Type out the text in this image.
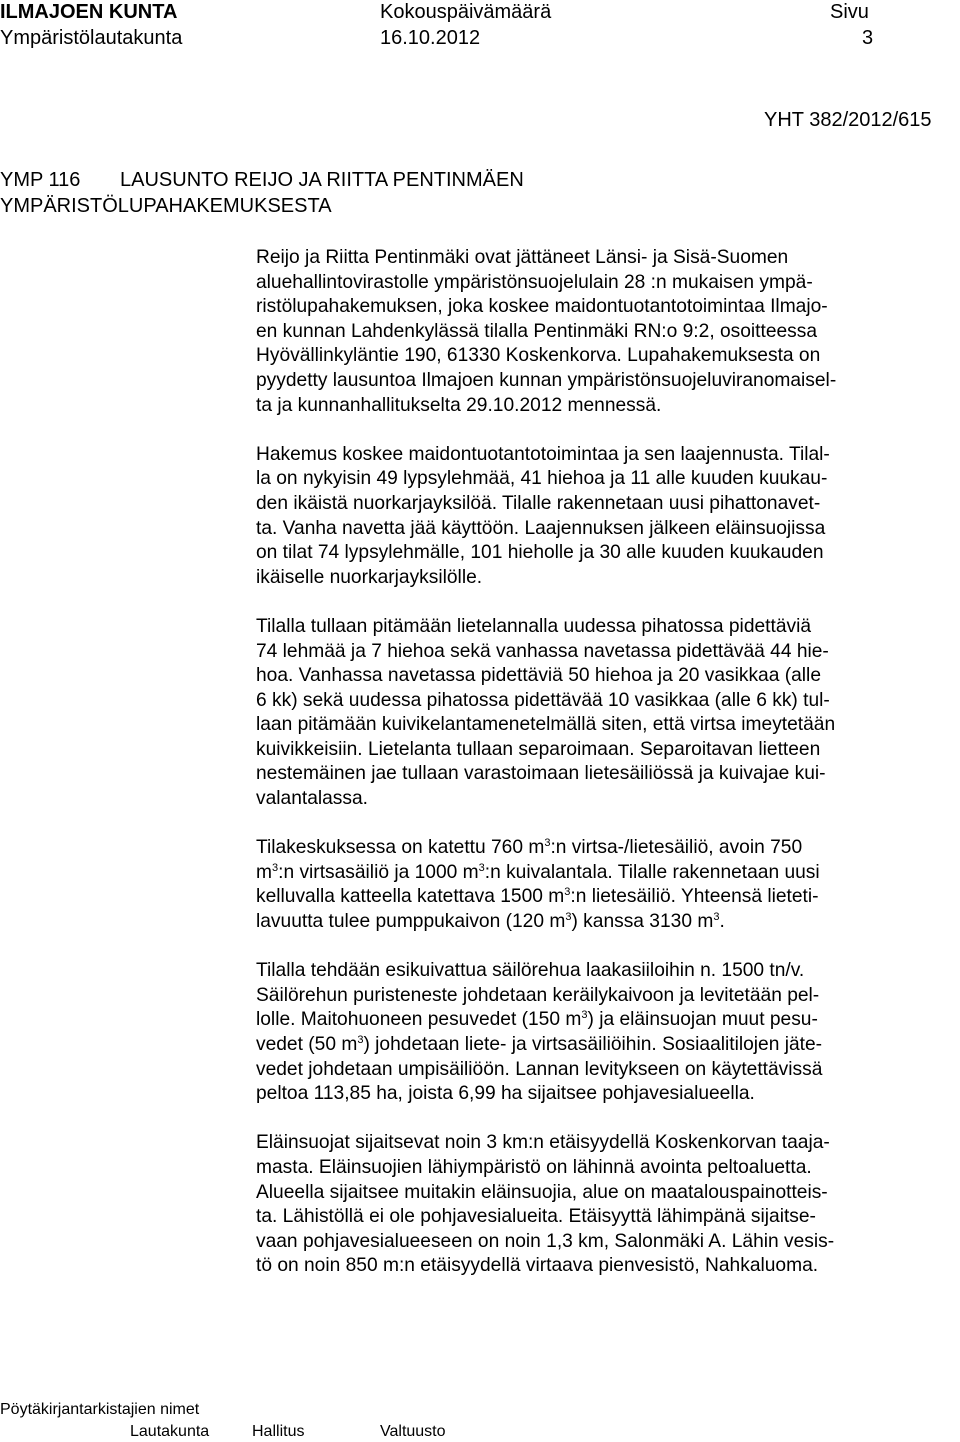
ILMAJOEN KUNTA
Ympäristölautakunta
Kokouspäivämäärä
16.10.2012
Sivu
3
YHT 382/2012/615
YMP 116 LAUSUNTO REIJO JA RIITTA PENTINMÄEN
YMPÄRISTÖLUPAHAKEMUKSESTA

Reijo ja Riitta Pentinmäki ovat jättäneet Länsi- ja Sisä-Suomen
aluehallintovirastolle ympäristönsuojelulain 28 :n mukaisen ympä-
ristölupahakemuksen, joka koskee maidontuotantotoimintaa Ilmajo-
en kunnan Lahdenkylässä tilalla Pentinmäki RN:o 9:2, osoitteessa
Hyövällinkyläntie 190, 61330 Koskenkorva. Lupahakemuksesta on
pyydetty lausuntoa Ilmajoen kunnan ympäristönsuojeluviranomaisel-
ta ja kunnanhallitukselta 29.10.2012 mennessä.

Hakemus koskee maidontuotantotoimintaa ja sen laajennusta. Tilal-
la on nykyisin 49 lypsylehmää, 41 hiehoa ja 11 alle kuuden kuukau-
den ikäistä nuorkarjayksilöä. Tilalle rakennetaan uusi pihattonavet-
ta. Vanha navetta jää käyttöön. Laajennuksen jälkeen eläinsuojissa
on tilat 74 lypsylehmälle, 101 hieholle ja 30 alle kuuden kuukauden
ikäiselle nuorkarjayksilölle.

Tilalla tullaan pitämään lietelannalla uudessa pihatossa pidettäviä
74 lehmää ja 7 hiehoa sekä vanhassa navetassa pidettävää 44 hie-
hoa. Vanhassa navetassa pidettäviä 50 hiehoa ja 20 vasikkaa (alle
6 kk) sekä uudessa pihatossa pidettävää 10 vasikkaa (alle 6 kk) tul-
laan pitämään kuivikelantamenetelmällä siten, että virtsa imeytetään
kuivikkeisiin. Lietelanta tullaan separoimaan. Separoitavan lietteen
nestemäinen jae tullaan varastoimaan lietesäiliössä ja kuivajae kui-
valantalassa.

Tilakeskuksessa on katettu 760 $m^3:n$ virtsa-/lietesäiliö, avoin 750
$m^3:n$ virtsasäiliö ja 1000 $m^3:n$ kuivalantala. Tilalle rakennetaan uusi
kelluvalla katteella katettava 1500 $m^3:n$ lietesäiliö. Yhteensä lieteti-
lavuutta tulee pumppukaivon (120 $m^3$) kanssa 3130 $m^3$.

Tilalla tehdään esikuivattua säilörehua laakasiiloihin n. 1500 tn/v.
Säilörehun puristeneste johdetaan keräilykaivoon ja levitetään pel-
lolle. Maitohuoneen pesuvedet (150 $m^3$) ja eläinsuojan muut pesu-
vedet (50 $m^3$) johdetaan liete- ja virtsasäiliöihin. Sosiaalitilojen jäte-
vedet johdetaan umpisäiliöön. Lannan levitykseen on käytettävissä
peltoa 113,85 ha, joista 6,99 ha sijaitsee pohjavesialueella.

Eläinsuojat sijaitsevat noin 3 km:n etäisyydellä Koskenkorvan taaja-
masta. Eläinsuojien lähiympäristö on lähinnä avointa peltoaluetta.
Alueella sijaitsee muitakin eläinsuojia, alue on maatalouspainotteis-
ta. Lähistöllä ei ole pohjavesialueita. Etäisyyttä lähimpänä sijaitse-
vaan pohjavesialueeseen on noin 1,3 km, Salonmäki A. Lähin vesis-
tö on noin 850 m:n etäisyydellä virtaava pienvesistö, Nahkaluoma.

Pöytäkirjantarkistajien nimet
Lautakunta	Hallitus	Valtuusto
